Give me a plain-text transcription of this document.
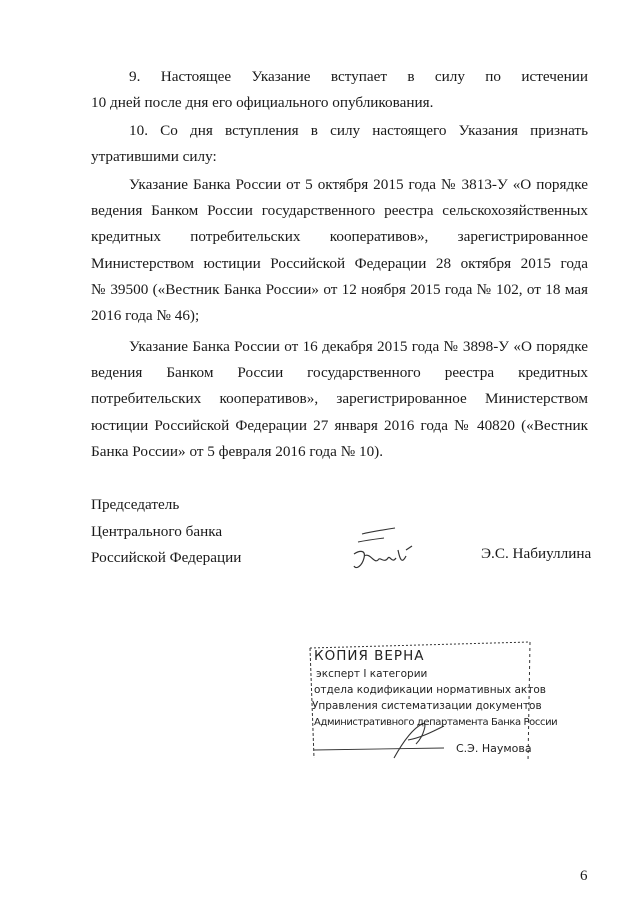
9. Настоящее Указание вступает в силу по истечении
10 дней после дня его официального опубликования.
10. Со дня вступления в силу настоящего Указания признать
утратившими силу:
Указание Банка России от 5 октября 2015 года № 3813-У «О порядке
ведения Банком России государственного реестра сельскохозяйственных
кредитных потребительских кооперативов», зарегистрированное
Министерством юстиции Российской Федерации 28 октября 2015 года
№ 39500 («Вестник Банка России» от 12 ноября 2015 года № 102, от 18 мая
2016 года № 46);
Указание Банка России от 16 декабря 2015 года № 3898-У «О порядке
ведения Банком России государственного реестра кредитных
потребительских кооперативов», зарегистрированное Министерством
юстиции Российской Федерации 27 января 2016 года № 40820 («Вестник
Банка России» от 5 февраля 2016 года № 10).
Председатель
Центрального банка
Российской Федерации	Э.С. Набиуллина
КОПИЯ ВЕРНА
эксперт I категории
отдела кодификации нормативных актов
Управления систематизации документов
Административного департамента Банка России
С.Э. Наумова
6
